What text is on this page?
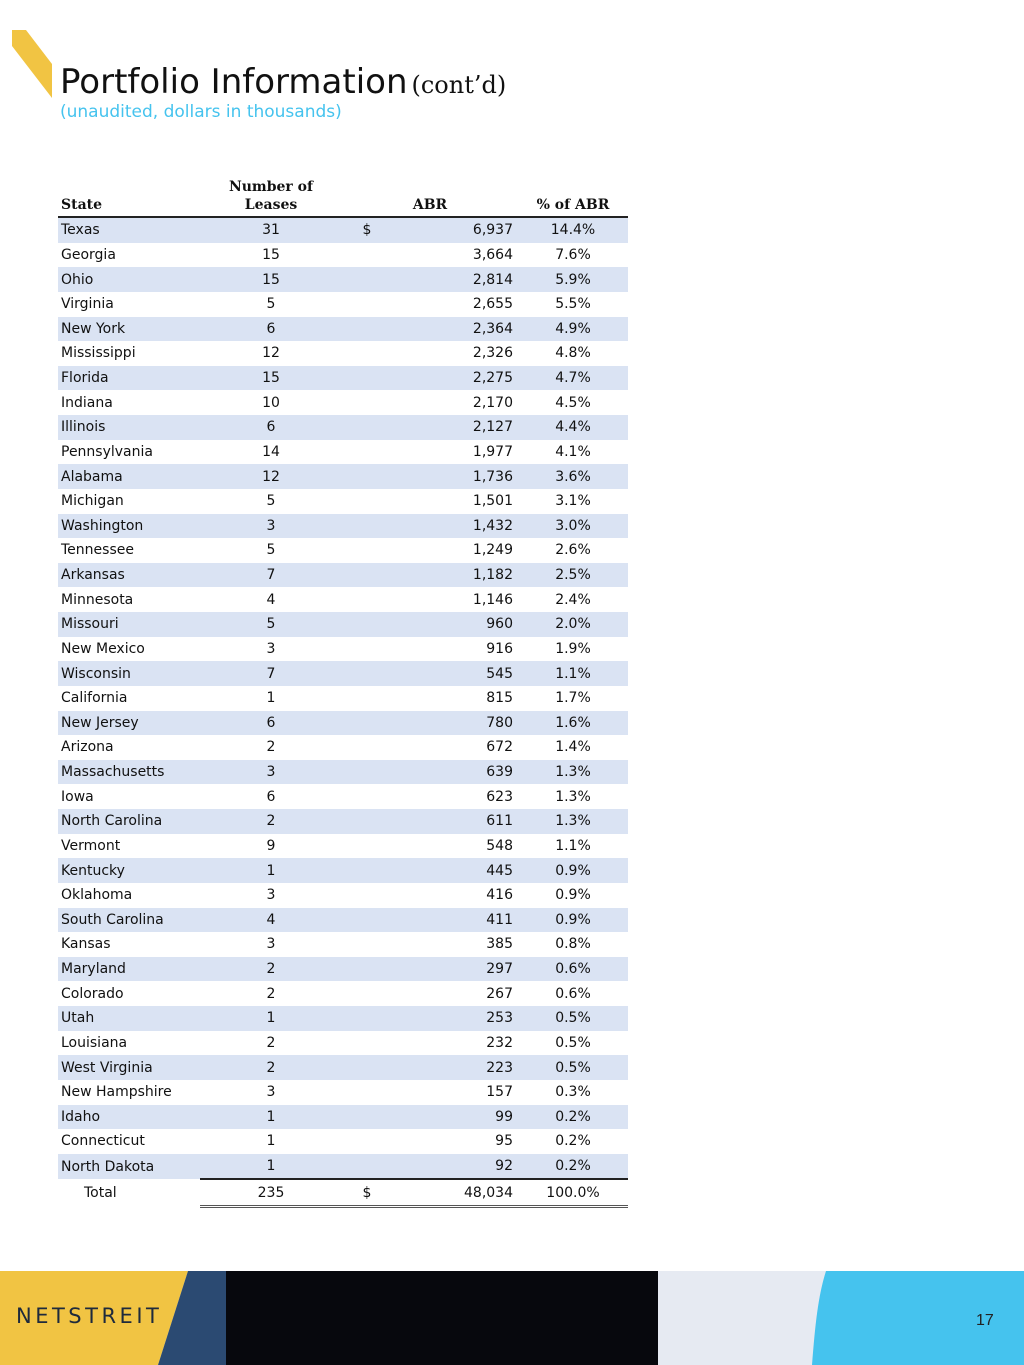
Portfolio Information (cont’d)

(unaudited, dollars in thousands)

State	Number of
Leases	ABR		% of ABR
Texas	31	$	6,937	14.4%
Georgia	15		3,664	7.6%
Ohio	15		2,814	5.9%
Virginia	5		2,655	5.5%
New York	6		2,364	4.9%
Mississippi	12		2,326	4.8%
Florida	15		2,275	4.7%
Indiana	10		2,170	4.5%
Illinois	6		2,127	4.4%
Pennsylvania	14		1,977	4.1%
Alabama	12		1,736	3.6%
Michigan	5		1,501	3.1%
Washington	3		1,432	3.0%
Tennessee	5		1,249	2.6%
Arkansas	7		1,182	2.5%
Minnesota	4		1,146	2.4%
Missouri	5		960	2.0%
New Mexico	3		916	1.9%
Wisconsin	7		545	1.1%
California	1		815	1.7%
New Jersey	6		780	1.6%
Arizona	2		672	1.4%
Massachusetts	3		639	1.3%
Iowa	6		623	1.3%
North Carolina	2		611	1.3%
Vermont	9		548	1.1%
Kentucky	1		445	0.9%
Oklahoma	3		416	0.9%
South Carolina	4		411	0.9%
Kansas	3		385	0.8%
Maryland	2		297	0.6%
Colorado	2		267	0.6%
Utah	1		253	0.5%
Louisiana	2		232	0.5%
West Virginia	2		223	0.5%
New Hampshire	3		157	0.3%
Idaho	1		99	0.2%
Connecticut	1		95	0.2%
North Dakota	1		92	0.2%
Total	235	$	48,034	100.0%
NETSTREIT	17
